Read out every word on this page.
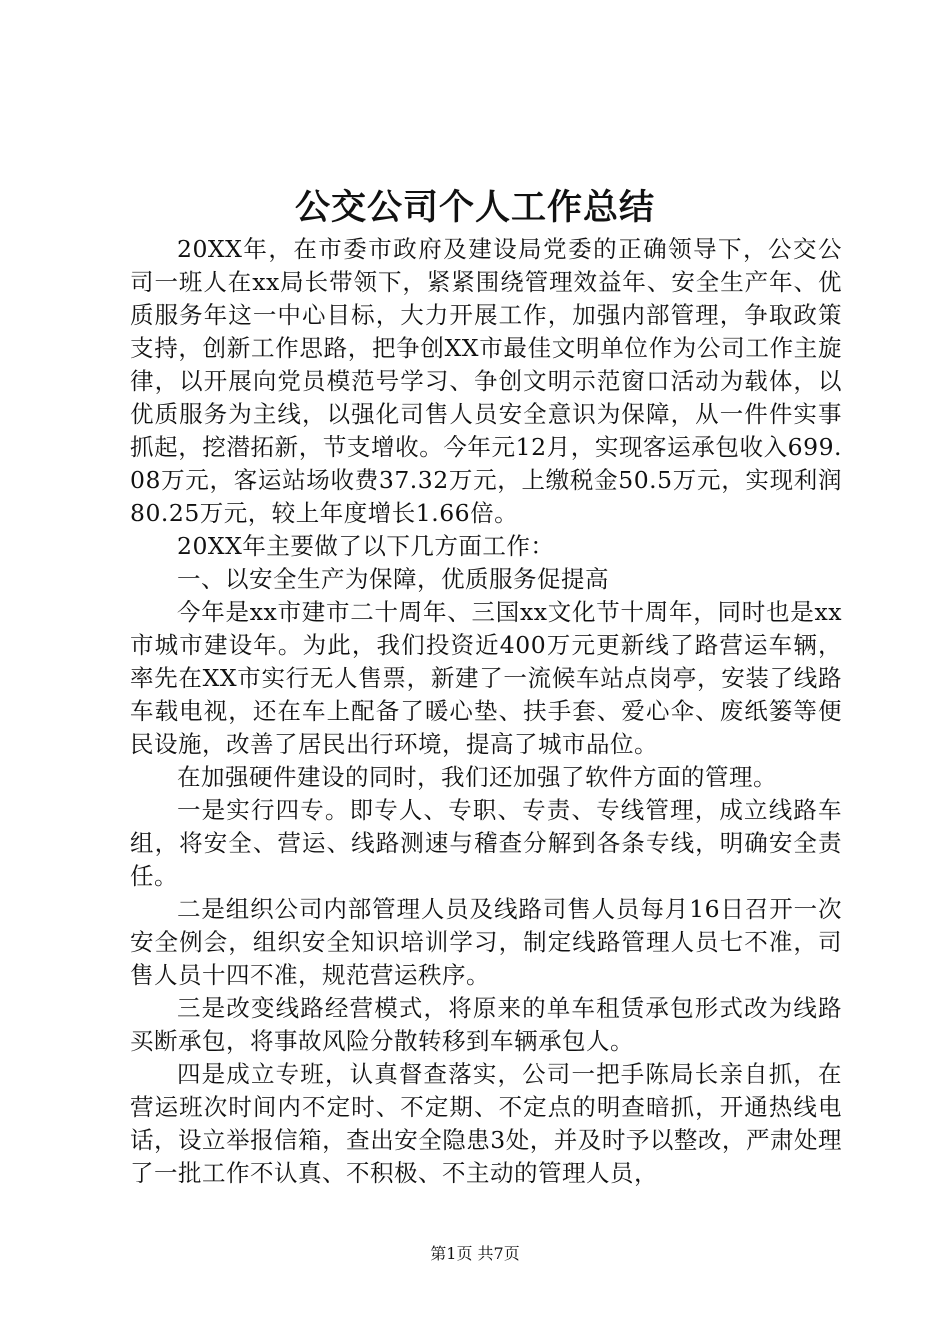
公交公司个人工作总结

20XX年，在市委市政府及建设局党委的正确领导下，公交公司一班人在xx局长带领下，紧紧围绕管理效益年、安全生产年、优质服务年这一中心目标，大力开展工作，加强内部管理，争取政策支持，创新工作思路，把争创XX市最佳文明单位作为公司工作主旋律，以开展向党员模范号学习、争创文明示范窗口活动为载体，以优质服务为主线，以强化司售人员安全意识为保障，从一件件实事抓起，挖潜拓新，节支增收。今年元12月，实现客运承包收入699.08万元，客运站场收费37.32万元，上缴税金50.5万元，实现利润80.25万元，较上年度增长1.66倍。

20XX年主要做了以下几方面工作：

一、以安全生产为保障，优质服务促提高

今年是xx市建市二十周年、三国xx文化节十周年，同时也是xx市城市建设年。为此，我们投资近400万元更新线了路营运车辆，率先在XX市实行无人售票，新建了一流候车站点岗亭，安装了线路车载电视，还在车上配备了暖心垫、扶手套、爱心伞、废纸篓等便民设施，改善了居民出行环境，提高了城市品位。

在加强硬件建设的同时，我们还加强了软件方面的管理。

一是实行四专。即专人、专职、专责、专线管理，成立线路车组，将安全、营运、线路测速与稽查分解到各条专线，明确安全责任。

二是组织公司内部管理人员及线路司售人员每月16日召开一次安全例会，组织安全知识培训学习，制定线路管理人员七不准，司售人员十四不准，规范营运秩序。

三是改变线路经营模式，将原来的单车租赁承包形式改为线路买断承包，将事故风险分散转移到车辆承包人。

四是成立专班，认真督查落实，公司一把手陈局长亲自抓，在营运班次时间内不定时、不定期、不定点的明查暗抓，开通热线电话，设立举报信箱，查出安全隐患3处，并及时予以整改，严肃处理了一批工作不认真、不积极、不主动的管理人员，

第1页 共7页
